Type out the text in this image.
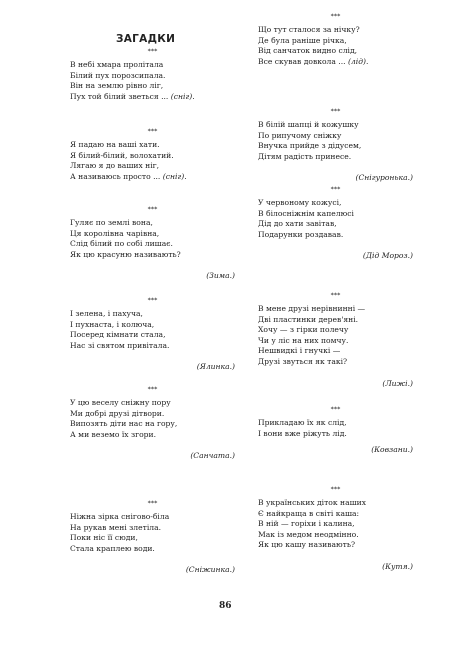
ЗАГАДКИ
***
В небі хмара пролітала
Білий пух порозсипала.
Він на землю рівно ліг,
Пух той білий зветься ... (сніг).
***
Я падаю на ваші хати.
Я білий-білий, волохатий.
Лягаю я до ваших ніг,
А називаюсь просто ... (сніг).
***
Гуляє по землі вона,
Ця королівна чарівна,
Слід білий по собі лишає.
Як цю красуню називають?
(Зима.)
***
І зелена, і пахуча,
І пухнаста, і колюча,
Посеред кімнати стала,
Нас зі святом привітала.
(Ялинка.)
***
У цю веселу сніжну пору
Ми добрі друзі дітвори.
Випозять діти нас на гору,
А ми веземо їх згори.
(Санчата.)
***
Ніжна зірка снігово-біла
На рукав мені злетіла.
Поки ніс її сюди,
Стала краплею води.
(Сніжинка.)
***
Що тут сталося за нічку?
Де була раніше річка,
Від санчаток видно слід,
Все скував довкола ... (лід).
***
В білій шапці й кожушку
По рипучому сніжку
Внучка прийде з дідусем,
Дітям радість принесе.
(Снігуронька.)
***
У червоному кожусі,
В білосніжнім капелюсі
Дід до хати завітав,
Подарунки роздавав.
(Дід Мороз.)
***
В мене друзі нерівнинні —
Дві пластинки дерев'яні.
Хочу — з гірки полечу
Чи у ліс на них помчу.
Нешвидкі і гнучкі —
Друзі звуться як такі?
(Лижі.)
***
Прикладаю їх як слід,
І вони вже ріжуть лід.
(Ковзани.)
***
В українських діток наших
Є найкраща в світі каша:
В ній — горіхи і калина,
Мак із медом неодмінно.
Як цю кашу називають?
(Кутя.)
86
